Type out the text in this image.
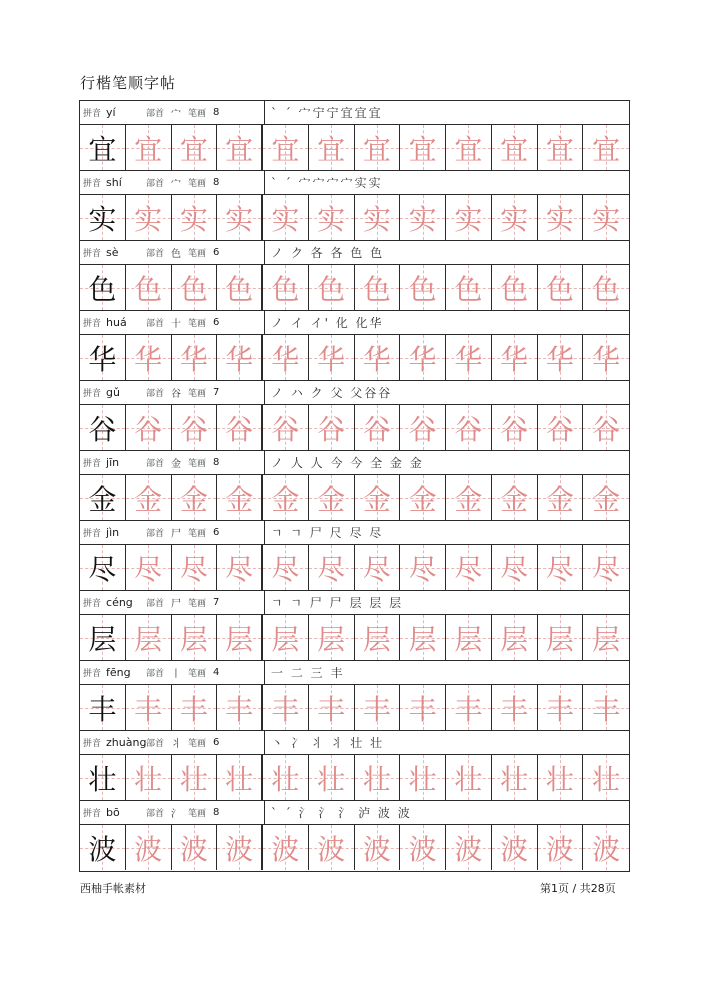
行楷笔顺字帖
拼音 yí	部首 宀 笔画 8	` ˊ 宀宁宁宜宜宜
宜 宜 宜 宜 宜 宜 宜 宜 宜 宜 宜 宜
拼音 shí	部首 宀 笔画 8	` ˊ 宀宀宀宀实实
实 实 实 实 实 实 实 实 实 实 实 实
拼音 sè	部首 色 笔画 6	ノ ク 各 各 色 色
色 色 色 色 色 色 色 色 色 色 色 色
拼音 huá	部首 十 笔画 6	ノ イ イ' 化 化华
华 华 华 华 华 华 华 华 华 华 华 华
拼音 gǔ	部首 谷 笔画 7	ノ ハ ク 父 父谷谷
谷 谷 谷 谷 谷 谷 谷 谷 谷 谷 谷 谷
拼音 jīn	部首 金 笔画 8	ノ 人 人 今 今 全 金 金
金 金 金 金 金 金 金 金 金 金 金 金
拼音 jìn	部首 尸 笔画 6	ㄱ ㄱ 尸 尺 尽 尽
尽 尽 尽 尽 尽 尽 尽 尽 尽 尽 尽 尽
拼音 céng	部首 尸 笔画 7	ㄱ ㄱ 尸 尸 层 层 层
层 层 层 层 层 层 层 层 层 层 层 层
拼音 fēng	部首 丨 笔画 4	一 二 三 丰
丰 丰 丰 丰 丰 丰 丰 丰 丰 丰 丰 丰
拼音 zhuàng 部首 丬 笔画 6	丶 冫 丬 丬 壮 壮
壮 壮 壮 壮 壮 壮 壮 壮 壮 壮 壮 壮
拼音 bō	部首 氵 笔画 8	` ˊ 氵 氵 氵 泸 波 波
波 波 波 波 波 波 波 波 波 波 波 波
西柚手帐素材	第1页 / 共28页
